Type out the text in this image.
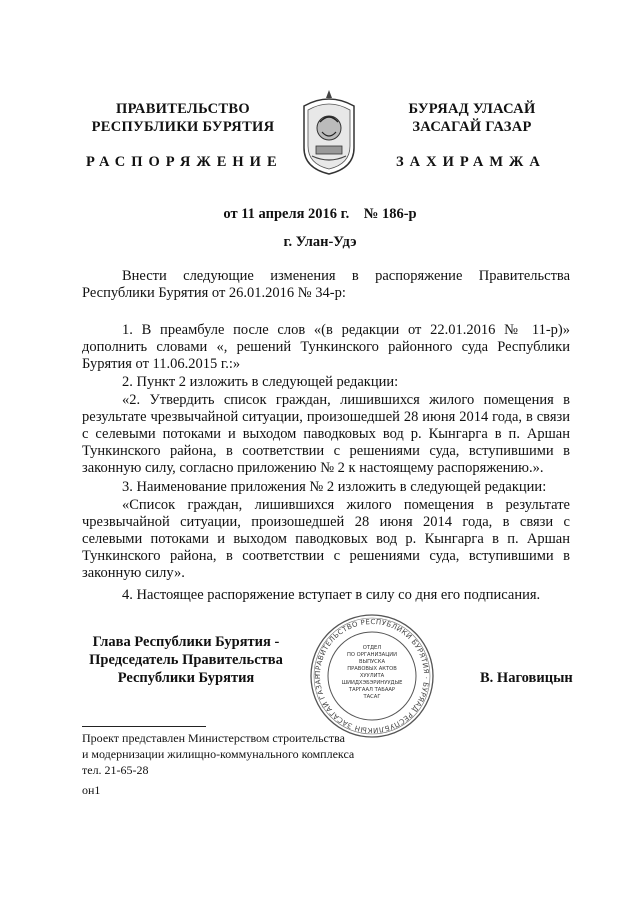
ПРАВИТЕЛЬСТВО
РЕСПУБЛИКИ БУРЯТИЯ
РАСПОРЯЖЕНИЕ
БУРЯАД УЛАСАЙ
ЗАСАГАЙ ГАЗАР
ЗАХИРАМЖА
от 11 апреля 2016 г.    № 186-р
г. Улан-Удэ

Внести следующие изменения в распоряжение Правительства Республики Бурятия от 26.01.2016 № 34-р:

1. В преамбуле после слов «(в редакции от 22.01.2016 № 11-р)» дополнить словами «, решений Тункинского районного суда Республики Бурятия от 11.06.2015 г.:»

2. Пункт 2 изложить в следующей редакции:

«2. Утвердить список граждан, лишившихся жилого помещения в результате чрезвычайной ситуации, произошедшей 28 июня 2014 года, в связи с селевыми потоками и выходом паводковых вод р. Кынгарга в п. Аршан Тункинского района, в соответствии с решениями суда, вступившими в законную силу, согласно приложению № 2 к настоящему распоряжению.».

3. Наименование приложения № 2 изложить в следующей редакции:

«Список граждан, лишившихся жилого помещения в результате чрезвычайной ситуации, произошедшей 28 июня 2014 года, в связи с селевыми потоками и выходом паводковых вод р. Кынгарга в п. Аршан Тункинского района, в соответствии с решениями суда, вступившими в законную силу».

4. Настоящее распоряжение вступает в силу со дня его подписания.

Глава Республики Бурятия -
Председатель Правительства
Республики Бурятия	ПРАВИТЕЛЬСТВО РЕСПУБЛИКИ БУРЯТИЯ · БУРЯАД РЕСПУБЛИКЫН ЗАСАГАЙ ГАЗАР
ОТДЕЛ
ПО ОРГАНИЗАЦИИ
ВЫПУСКА
ПРАВОВЫХ АКТОВ
ХУУЛИТА
ШИИДХЭБЭРИНУУДЫЕ
ТАРГААЛ ТАБААР
ТАСАГ
В. Наговицын
Проект представлен Министерством строительства
и модернизации жилищно-коммунального комплекса
тел. 21-65-28
он1
